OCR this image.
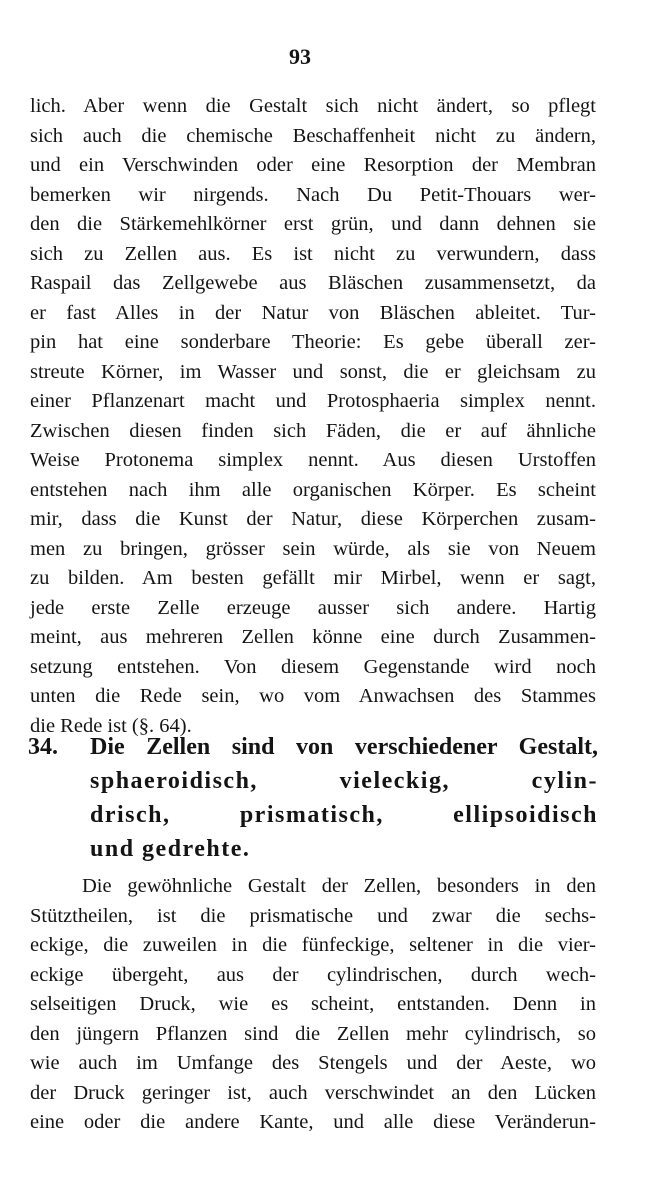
93
lich. Aber wenn die Gestalt sich nicht ändert, so pflegt
sich auch die chemische Beschaffenheit nicht zu ändern,
und ein Verschwinden oder eine Resorption der Membran
bemerken wir nirgends. Nach Du Petit-Thouars wer-
den die Stärkemehlkörner erst grün, und dann dehnen sie
sich zu Zellen aus. Es ist nicht zu verwundern, dass
Raspail das Zellgewebe aus Bläschen zusammensetzt, da
er fast Alles in der Natur von Bläschen ableitet. Tur-
pin hat eine sonderbare Theorie: Es gebe überall zer-
streute Körner, im Wasser und sonst, die er gleichsam zu
einer Pflanzenart macht und Protosphaeria simplex nennt.
Zwischen diesen finden sich Fäden, die er auf ähnliche
Weise Protonema simplex nennt. Aus diesen Urstoffen
entstehen nach ihm alle organischen Körper. Es scheint
mir, dass die Kunst der Natur, diese Körperchen zusam-
men zu bringen, grösser sein würde, als sie von Neuem
zu bilden. Am besten gefällt mir Mirbel, wenn er sagt,
jede erste Zelle erzeuge ausser sich andere. Hartig
meint, aus mehreren Zellen könne eine durch Zusammen-
setzung entstehen. Von diesem Gegenstande wird noch
unten die Rede sein, wo vom Anwachsen des Stammes
die Rede ist (§. 64).
34.	Die Zellen sind von verschiedener Gestalt,
sphaeroidisch, vieleckig, cylin-
drisch, prismatisch, ellipsoidisch
und gedrehte.
Die gewöhnliche Gestalt der Zellen, besonders in den
Stütztheilen, ist die prismatische und zwar die sechs-
eckige, die zuweilen in die fünfeckige, seltener in die vier-
eckige übergeht, aus der cylindrischen, durch wech-
selseitigen Druck, wie es scheint, entstanden. Denn in
den jüngern Pflanzen sind die Zellen mehr cylindrisch, so
wie auch im Umfange des Stengels und der Aeste, wo
der Druck geringer ist, auch verschwindet an den Lücken
eine oder die andere Kante, und alle diese Veränderun-
